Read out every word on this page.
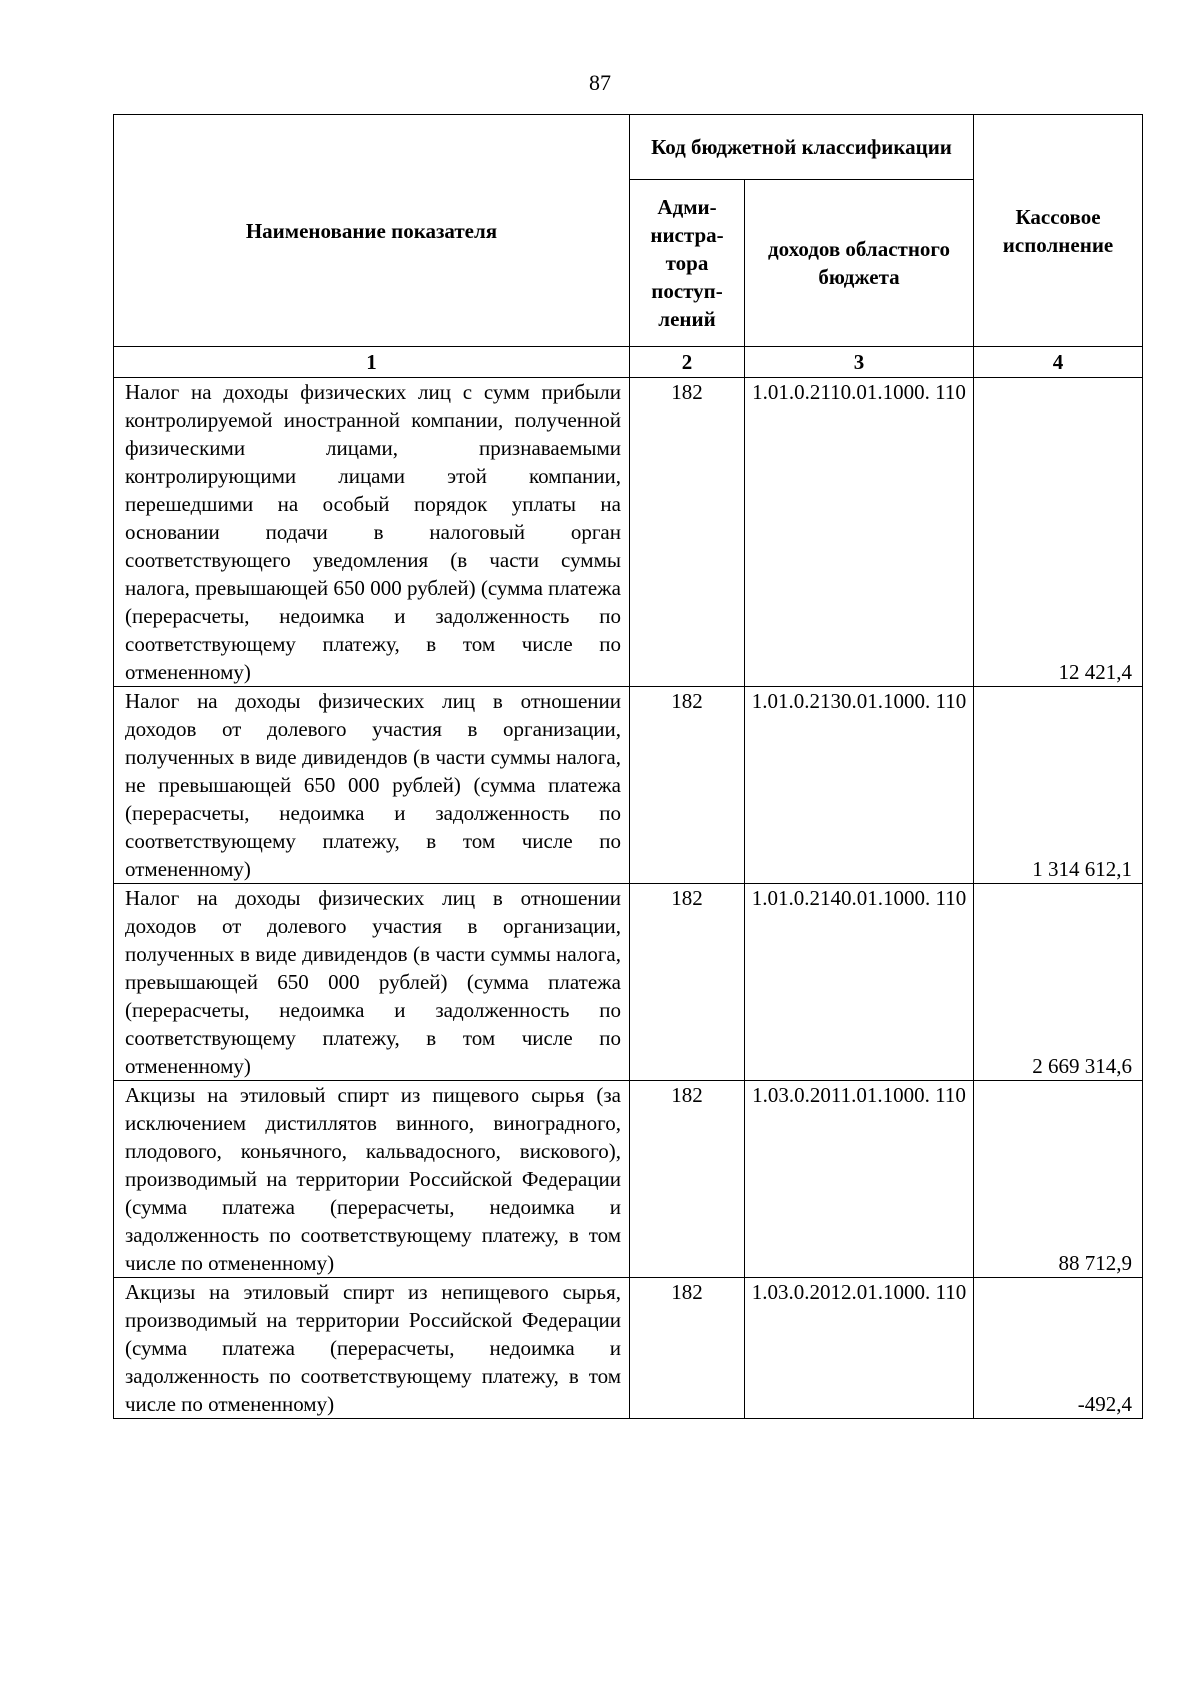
87
Наименование показателя	Код бюджетной классификации		Кассовое исполнение
	Адми-нистра-тора поступ-лений	доходов областного бюджета	
1	2	3	4
Налог на доходы физических лиц с сумм прибыли контролируемой иностранной компании, полученной физическими лицами, признаваемыми контролирующими лицами этой компании, перешедшими на особый порядок уплаты на основании подачи в налоговый орган соответствующего уведомления (в части суммы налога, превышающей 650 000 рублей) (сумма платежа (перерасчеты, недоимка и задолженность по соответствующему платежу, в том числе по отмененному)	182	1.01.0.2110.01.1000. 110	12 421,4
Налог на доходы физических лиц в отношении доходов от долевого участия в организации, полученных в виде дивидендов (в части суммы налога, не превышающей 650 000 рублей) (сумма платежа (перерасчеты, недоимка и задолженность по соответствующему платежу, в том числе по отмененному)	182	1.01.0.2130.01.1000. 110	1 314 612,1
Налог на доходы физических лиц в отношении доходов от долевого участия в организации, полученных в виде дивидендов (в части суммы налога, превышающей 650 000 рублей) (сумма платежа (перерасчеты, недоимка и задолженность по соответствующему платежу, в том числе по отмененному)	182	1.01.0.2140.01.1000. 110	2 669 314,6
Акцизы на этиловый спирт из пищевого сырья (за исключением дистиллятов винного, виноградного, плодового, коньячного, кальвадосного, вискового), производимый на территории Российской Федерации (сумма платежа (перерасчеты, недоимка и задолженность по соответствующему платежу, в том числе по отмененному)	182	1.03.0.2011.01.1000. 110	88 712,9
Акцизы на этиловый спирт из непищевого сырья, производимый на территории Российской Федерации (сумма платежа (перерасчеты, недоимка и задолженность по соответствующему платежу, в том числе по отмененному)	182	1.03.0.2012.01.1000. 110	-492,4
